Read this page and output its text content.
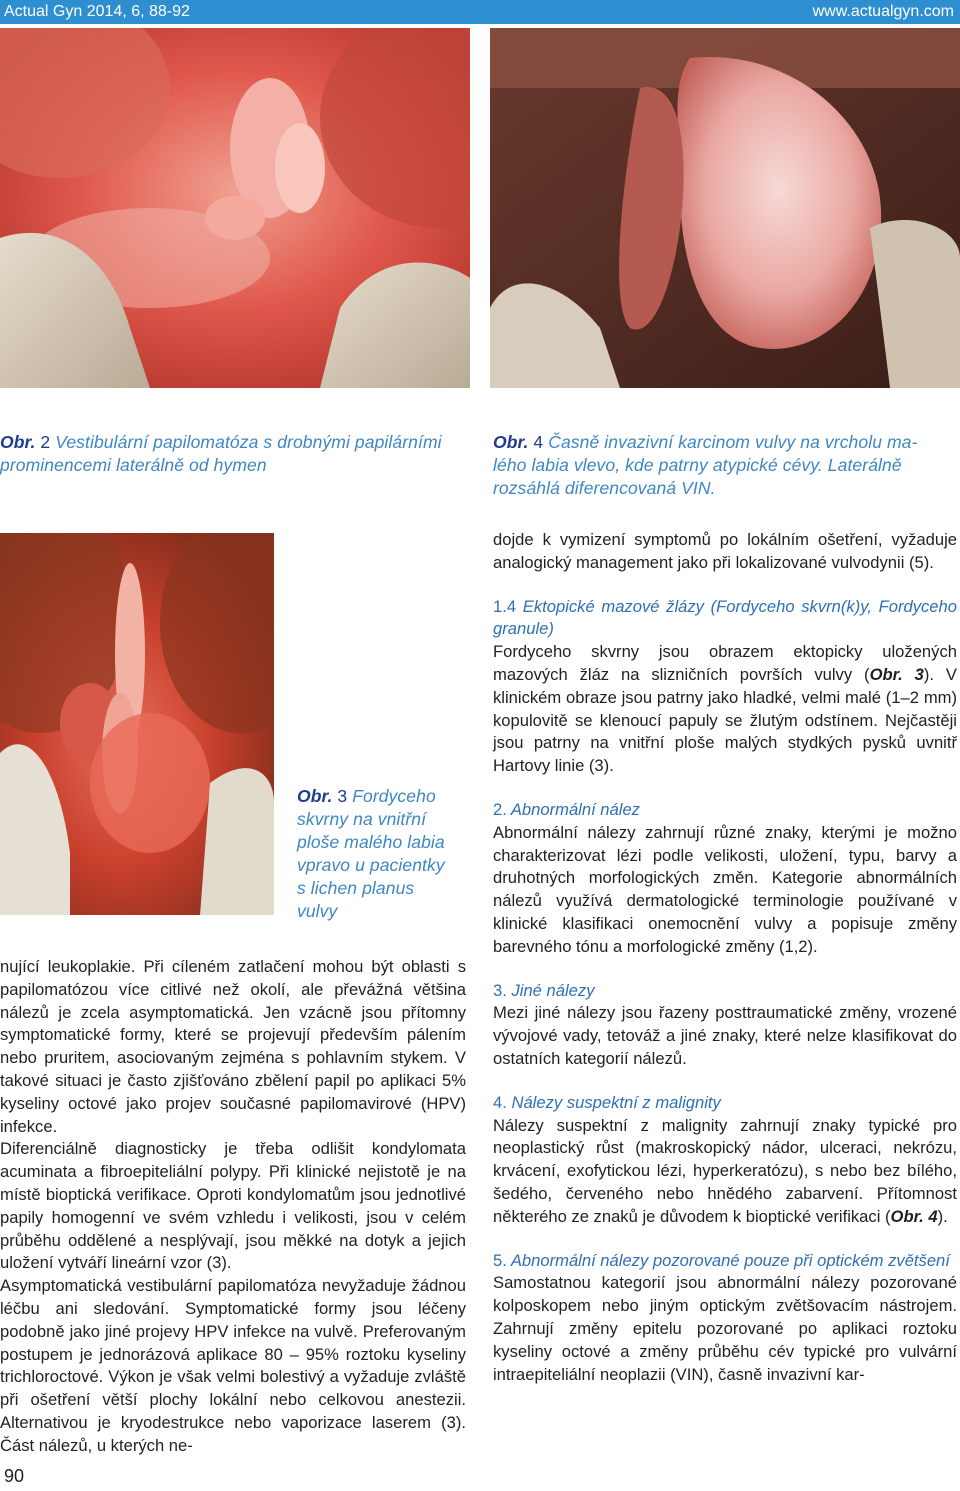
Actual Gyn 2014, 6, 88-92	www.actualgyn.com
Obr. 2 Vestibulární papilomatóza s drobnými papilárními
prominencemi laterálně od hymen
Obr. 4 Časně invazivní karcinom vulvy na vrcholu ma-
lého labia vlevo, kde patrny atypické cévy. Laterálně
rozsáhlá diferencovaná VIN.
Obr. 3 Fordyceho
skvrny na vnitřní
ploše malého labia
vpravo u pacientky
s lichen planus
vulvy

nující leukoplakie. Při cíleném zatlačení mohou být oblasti s papilomatózou více citlivé než okolí, ale převážná většina nálezů je zcela asymptomatická. Jen vzácně jsou přítomny symptomatické formy, které se projevují především pálením nebo pruritem, asociovaným zejména s pohlavním stykem. V takové situaci je často zjišťováno zbělení papil po aplikaci 5% kyseliny octové jako projev současné papilomavirové (HPV) infekce.

Diferenciálně diagnosticky je třeba odlišit kondylomata acuminata a fibroepiteliální polypy. Při klinické nejistotě je na místě bioptická verifikace. Oproti kondylomatům jsou jednotlivé papily homogenní ve svém vzhledu i velikosti, jsou v celém průběhu oddělené a nesplývají, jsou měkké na dotyk a jejich uložení vytváří lineární vzor (3).

Asymptomatická vestibulární papilomatóza nevyžaduje žádnou léčbu ani sledování. Symptomatické formy jsou léčeny podobně jako jiné projevy HPV infekce na vulvě. Preferovaným postupem je jednorázová aplikace 80 – 95% roztoku kyseliny trichloroctové. Výkon je však velmi bolestivý a vyžaduje zvláště při ošetření větší plochy lokální nebo celkovou anestezii. Alternativou je kryodestrukce nebo vaporizace laserem (3). Část nálezů, u kterých ne-

dojde k vymizení symptomů po lokálním ošetření, vyžaduje analogický management jako při lokalizované vulvodynii (5).

1.4 Ektopické mazové žlázy (Fordyceho skvrn(k)y, Fordyceho granule)

Fordyceho skvrny jsou obrazem ektopicky uložených mazových žláz na slizničních površích vulvy (Obr. 3). V klinickém obraze jsou patrny jako hladké, velmi malé (1–2 mm) kopulovitě se klenoucí papuly se žlutým odstínem. Nejčastěji jsou patrny na vnitřní ploše malých stydkých pysků uvnitř Hartovy linie (3).

2. Abnormální nález

Abnormální nálezy zahrnují různé znaky, kterými je možno charakterizovat lézi podle velikosti, uložení, typu, barvy a druhotných morfologických změn. Kategorie abnormálních nálezů využívá dermatologické terminologie používané v klinické klasifikaci onemocnění vulvy a popisuje změny barevného tónu a morfologické změny (1,2).

3. Jiné nálezy

Mezi jiné nálezy jsou řazeny posttraumatické změny, vrozené vývojové vady, tetováž a jiné znaky, které nelze klasifikovat do ostatních kategorií nálezů.

4. Nálezy suspektní z malignity

Nálezy suspektní z malignity zahrnují znaky typické pro neoplastický růst (makroskopický nádor, ulceraci, nekrózu, krvácení, exofytickou lézi, hyperkeratózu), s nebo bez bílého, šedého, červeného nebo hnědého zabarvení. Přítomnost některého ze znaků je důvodem k bioptické verifikaci (Obr. 4).

5. Abnormální nálezy pozorované pouze při optickém zvětšení

Samostatnou kategorií jsou abnormální nálezy pozorované kolposkopem nebo jiným optickým zvětšovacím nástrojem. Zahrnují změny epitelu pozorované po aplikaci roztoku kyseliny octové a změny průběhu cév typické pro vulvární intraepiteliální neoplazii (VIN), časně invazivní kar-

90
